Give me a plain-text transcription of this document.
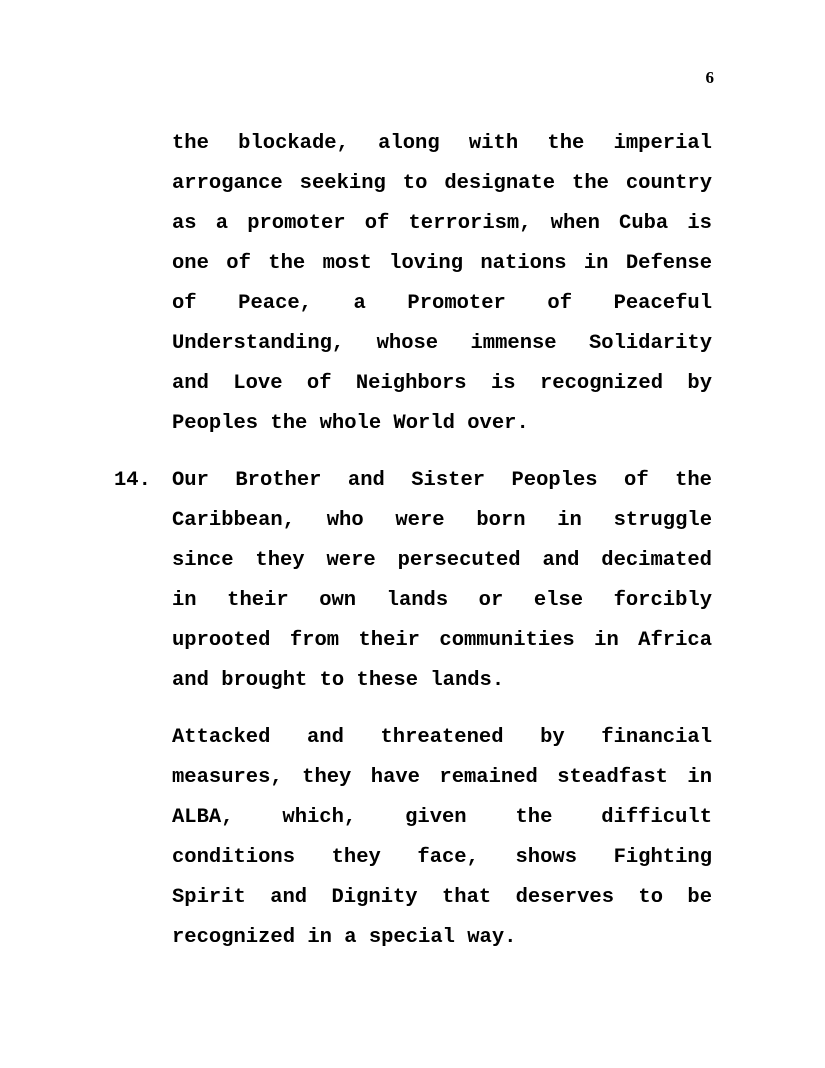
6
the blockade, along with the imperial
arrogance seeking to designate the country
as a promoter of terrorism, when Cuba is
one of the most loving nations in Defense
of Peace, a Promoter of Peaceful
Understanding, whose immense Solidarity
and Love of Neighbors is recognized by
Peoples the whole World over.
14. Our Brother and Sister Peoples of the
Caribbean, who were born in struggle
since they were persecuted and decimated
in their own lands or else forcibly
uprooted from their communities in Africa
and brought to these lands.
Attacked and threatened by financial
measures, they have remained steadfast in
ALBA, which, given the difficult
conditions they face, shows Fighting
Spirit and Dignity that deserves to be
recognized in a special way.
